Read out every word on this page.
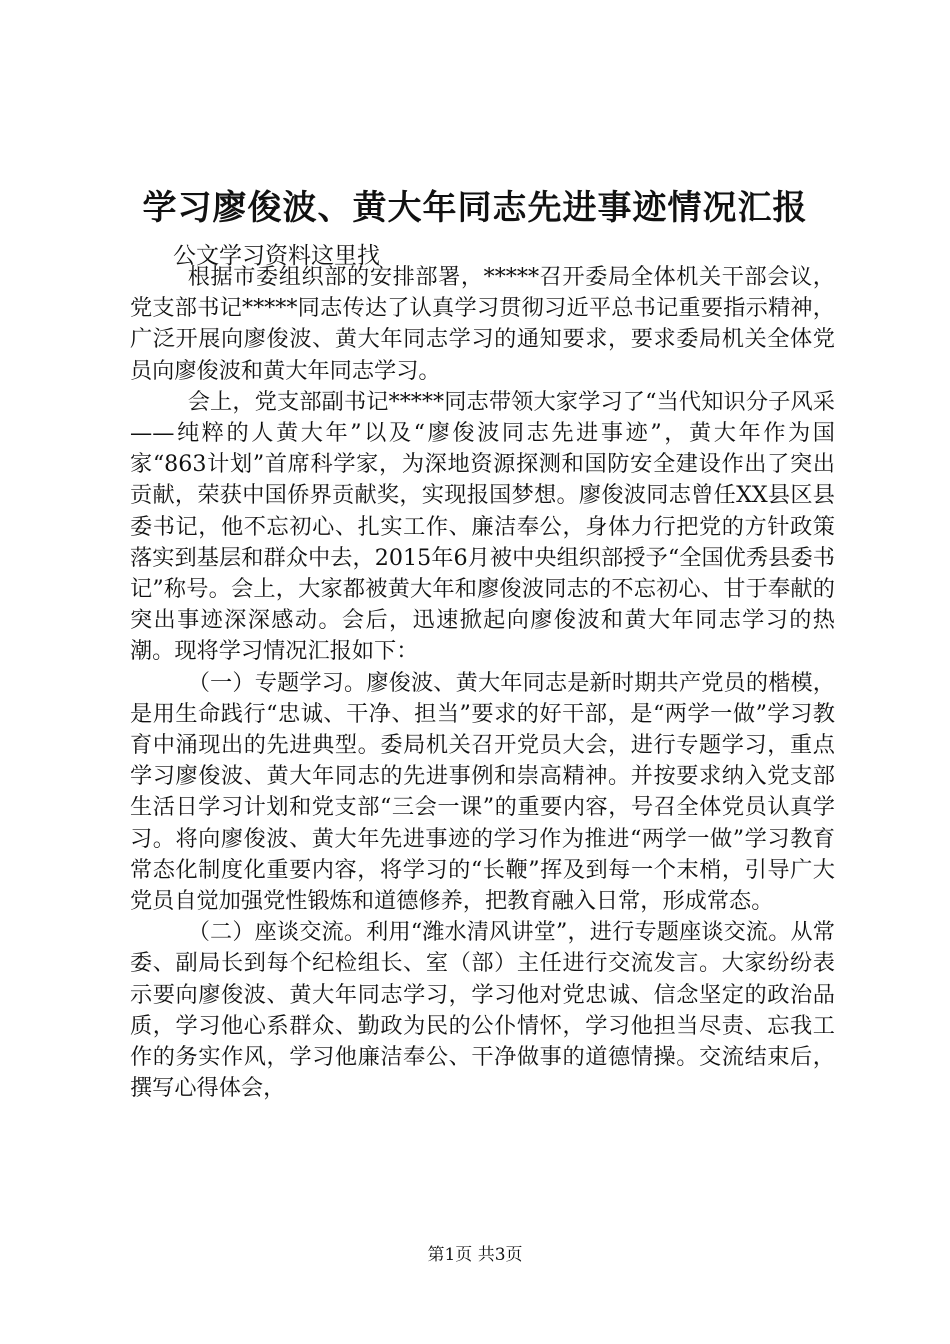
学习廖俊波、黄大年同志先进事迹情况汇报
公文学习资料这里找

根据市委组织部的安排部署，*****召开委局全体机关干部会议，党支部书记*****同志传达了认真学习贯彻习近平总书记重要指示精神，广泛开展向廖俊波、黄大年同志学习的通知要求，要求委局机关全体党员向廖俊波和黄大年同志学习。

会上，党支部副书记*****同志带领大家学习了“当代知识分子风采——纯粹的人黄大年”以及“廖俊波同志先进事迹”，黄大年作为国家“863计划”首席科学家，为深地资源探测和国防安全建设作出了突出贡献，荣获中国侨界贡献奖，实现报国梦想。廖俊波同志曾任XX县区县委书记，他不忘初心、扎实工作、廉洁奉公，身体力行把党的方针政策落实到基层和群众中去，2015年6月被中央组织部授予“全国优秀县委书记”称号。会上，大家都被黄大年和廖俊波同志的不忘初心、甘于奉献的突出事迹深深感动。会后，迅速掀起向廖俊波和黄大年同志学习的热潮。现将学习情况汇报如下：

（一）专题学习。廖俊波、黄大年同志是新时期共产党员的楷模，是用生命践行“忠诚、干净、担当”要求的好干部，是“两学一做”学习教育中涌现出的先进典型。委局机关召开党员大会，进行专题学习，重点学习廖俊波、黄大年同志的先进事例和崇高精神。并按要求纳入党支部生活日学习计划和党支部“三会一课”的重要内容，号召全体党员认真学习。将向廖俊波、黄大年先进事迹的学习作为推进“两学一做”学习教育常态化制度化重要内容，将学习的“长鞭”挥及到每一个末梢，引导广大党员自觉加强党性锻炼和道德修养，把教育融入日常，形成常态。

（二）座谈交流。利用“潍水清风讲堂”，进行专题座谈交流。从常委、副局长到每个纪检组长、室（部）主任进行交流发言。大家纷纷表示要向廖俊波、黄大年同志学习，学习他对党忠诚、信念坚定的政治品质，学习他心系群众、勤政为民的公仆情怀，学习他担当尽责、忘我工作的务实作风，学习他廉洁奉公、干净做事的道德情操。交流结束后，撰写心得体会，

第1页 共3页
